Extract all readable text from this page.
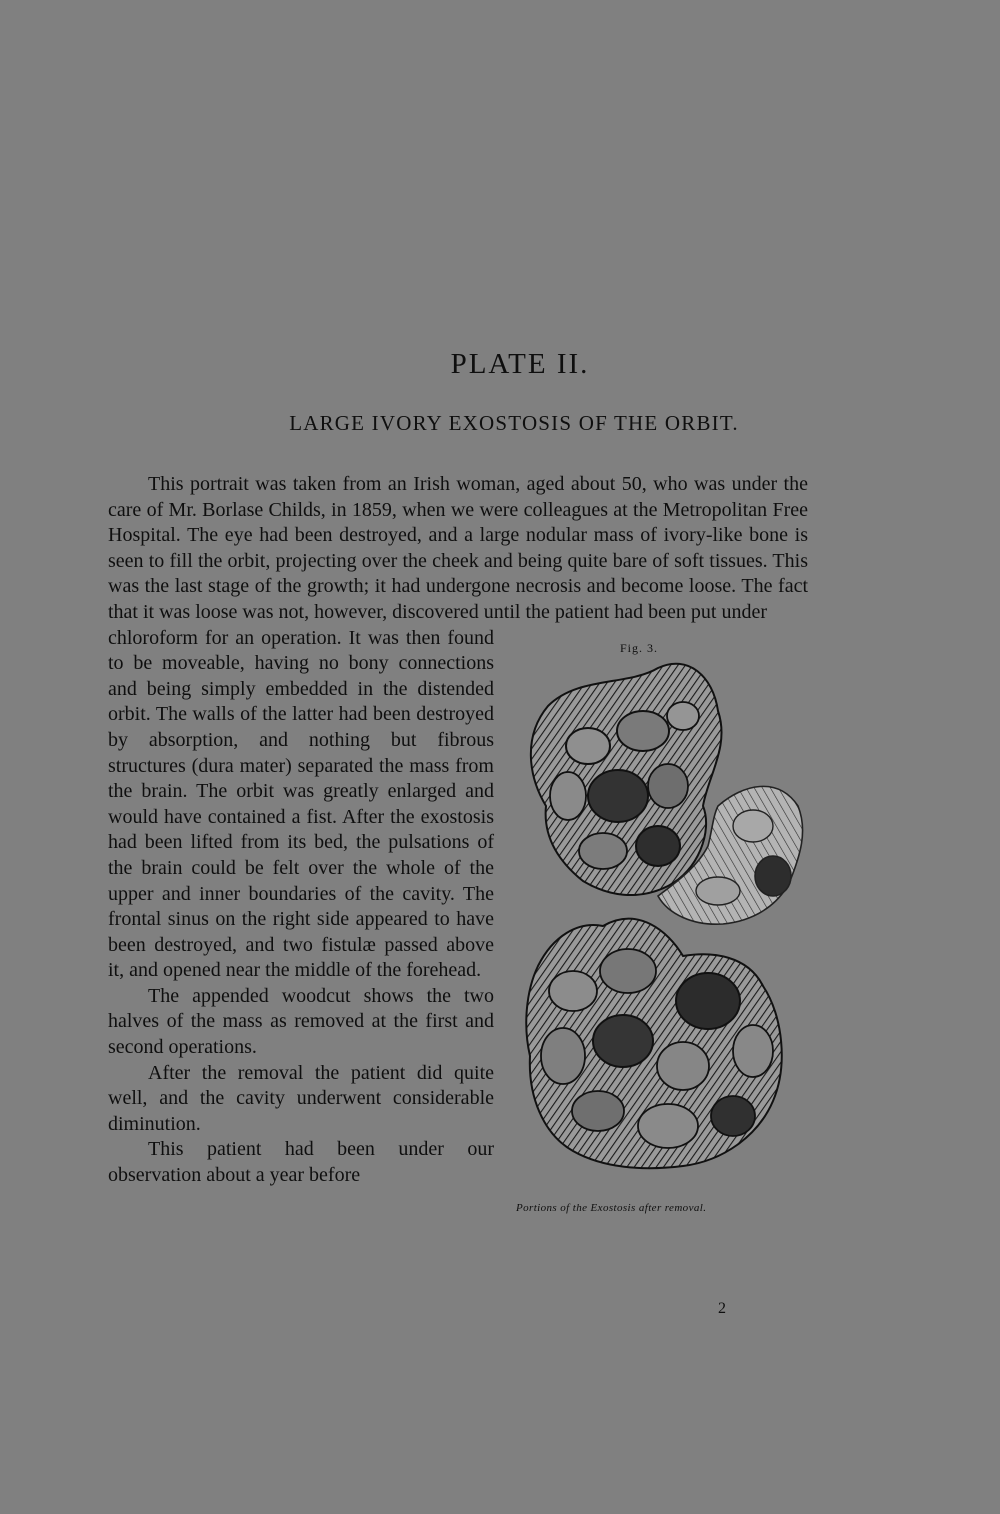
PLATE II.
LARGE IVORY EXOSTOSIS OF THE ORBIT.

This portrait was taken from an Irish woman, aged about 50, who was under the care of Mr. Borlase Childs, in 1859, when we were colleagues at the Metropolitan Free Hospital. The eye had been destroyed, and a large nodular mass of ivory-like bone is seen to fill the orbit, projecting over the cheek and being quite bare of soft tissues. This was the last stage of the growth; it had undergone necrosis and become loose. The fact that it was loose was not, however, discovered until the patient had been put under

Fig. 3.
Portions of the Exostosis after removal.

chloroform for an operation. It was then found to be moveable, having no bony connections and being simply embedded in the distended orbit. The walls of the latter had been destroyed by absorption, and nothing but fibrous structures (dura mater) separated the mass from the brain. The orbit was greatly enlarged and would have contained a fist. After the exostosis had been lifted from its bed, the pulsations of the brain could be felt over the whole of the upper and inner boundaries of the cavity. The frontal sinus on the right side appeared to have been destroyed, and two fistulæ passed above it, and opened near the middle of the forehead.

The appended woodcut shows the two halves of the mass as removed at the first and second operations.

After the removal the patient did quite well, and the cavity underwent considerable diminution.

This patient had been under our observation about a year before

2
